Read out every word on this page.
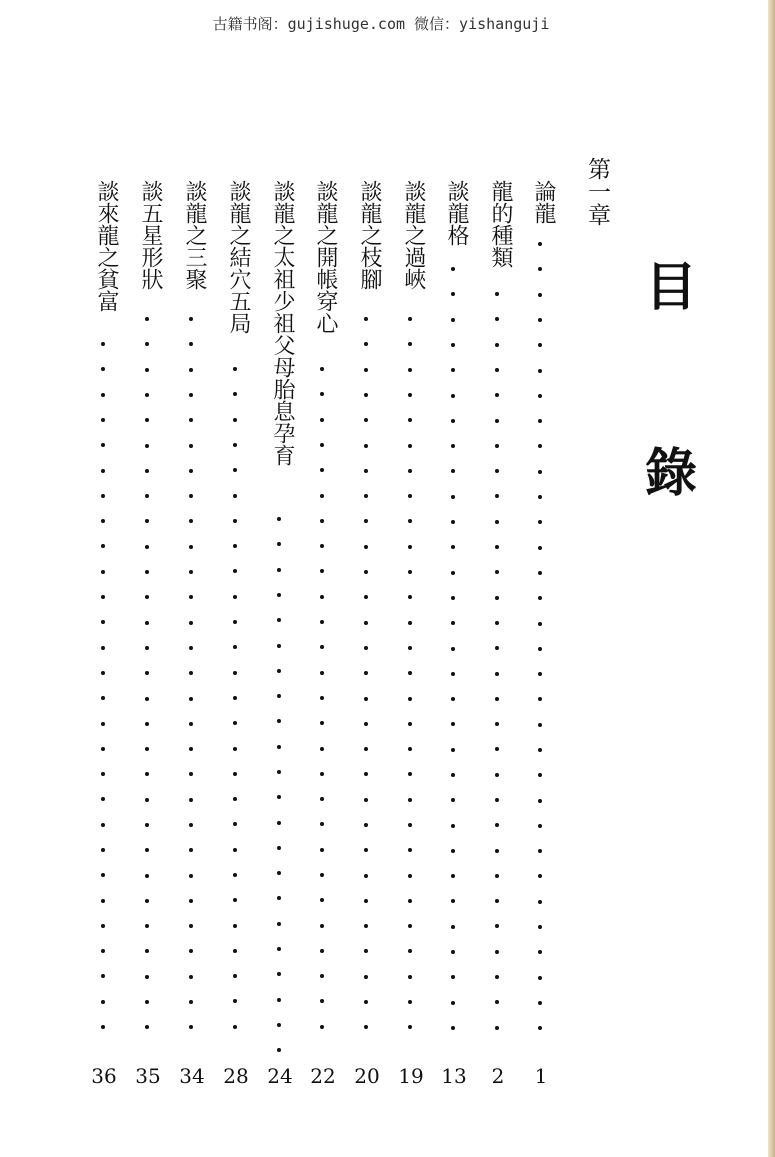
古籍书阁：gujishuge.com 微信：yishanguji
目
錄
第一章
論龍
1
龍的種類
2
談龍格
13
談龍之過峽
19
談龍之枝腳
20
談龍之開帳穿心
22
談龍之太祖少祖父母胎息孕育
24
談龍之結穴五局
28
談龍之三聚
34
談五星形狀
35
談來龍之貧富
36
